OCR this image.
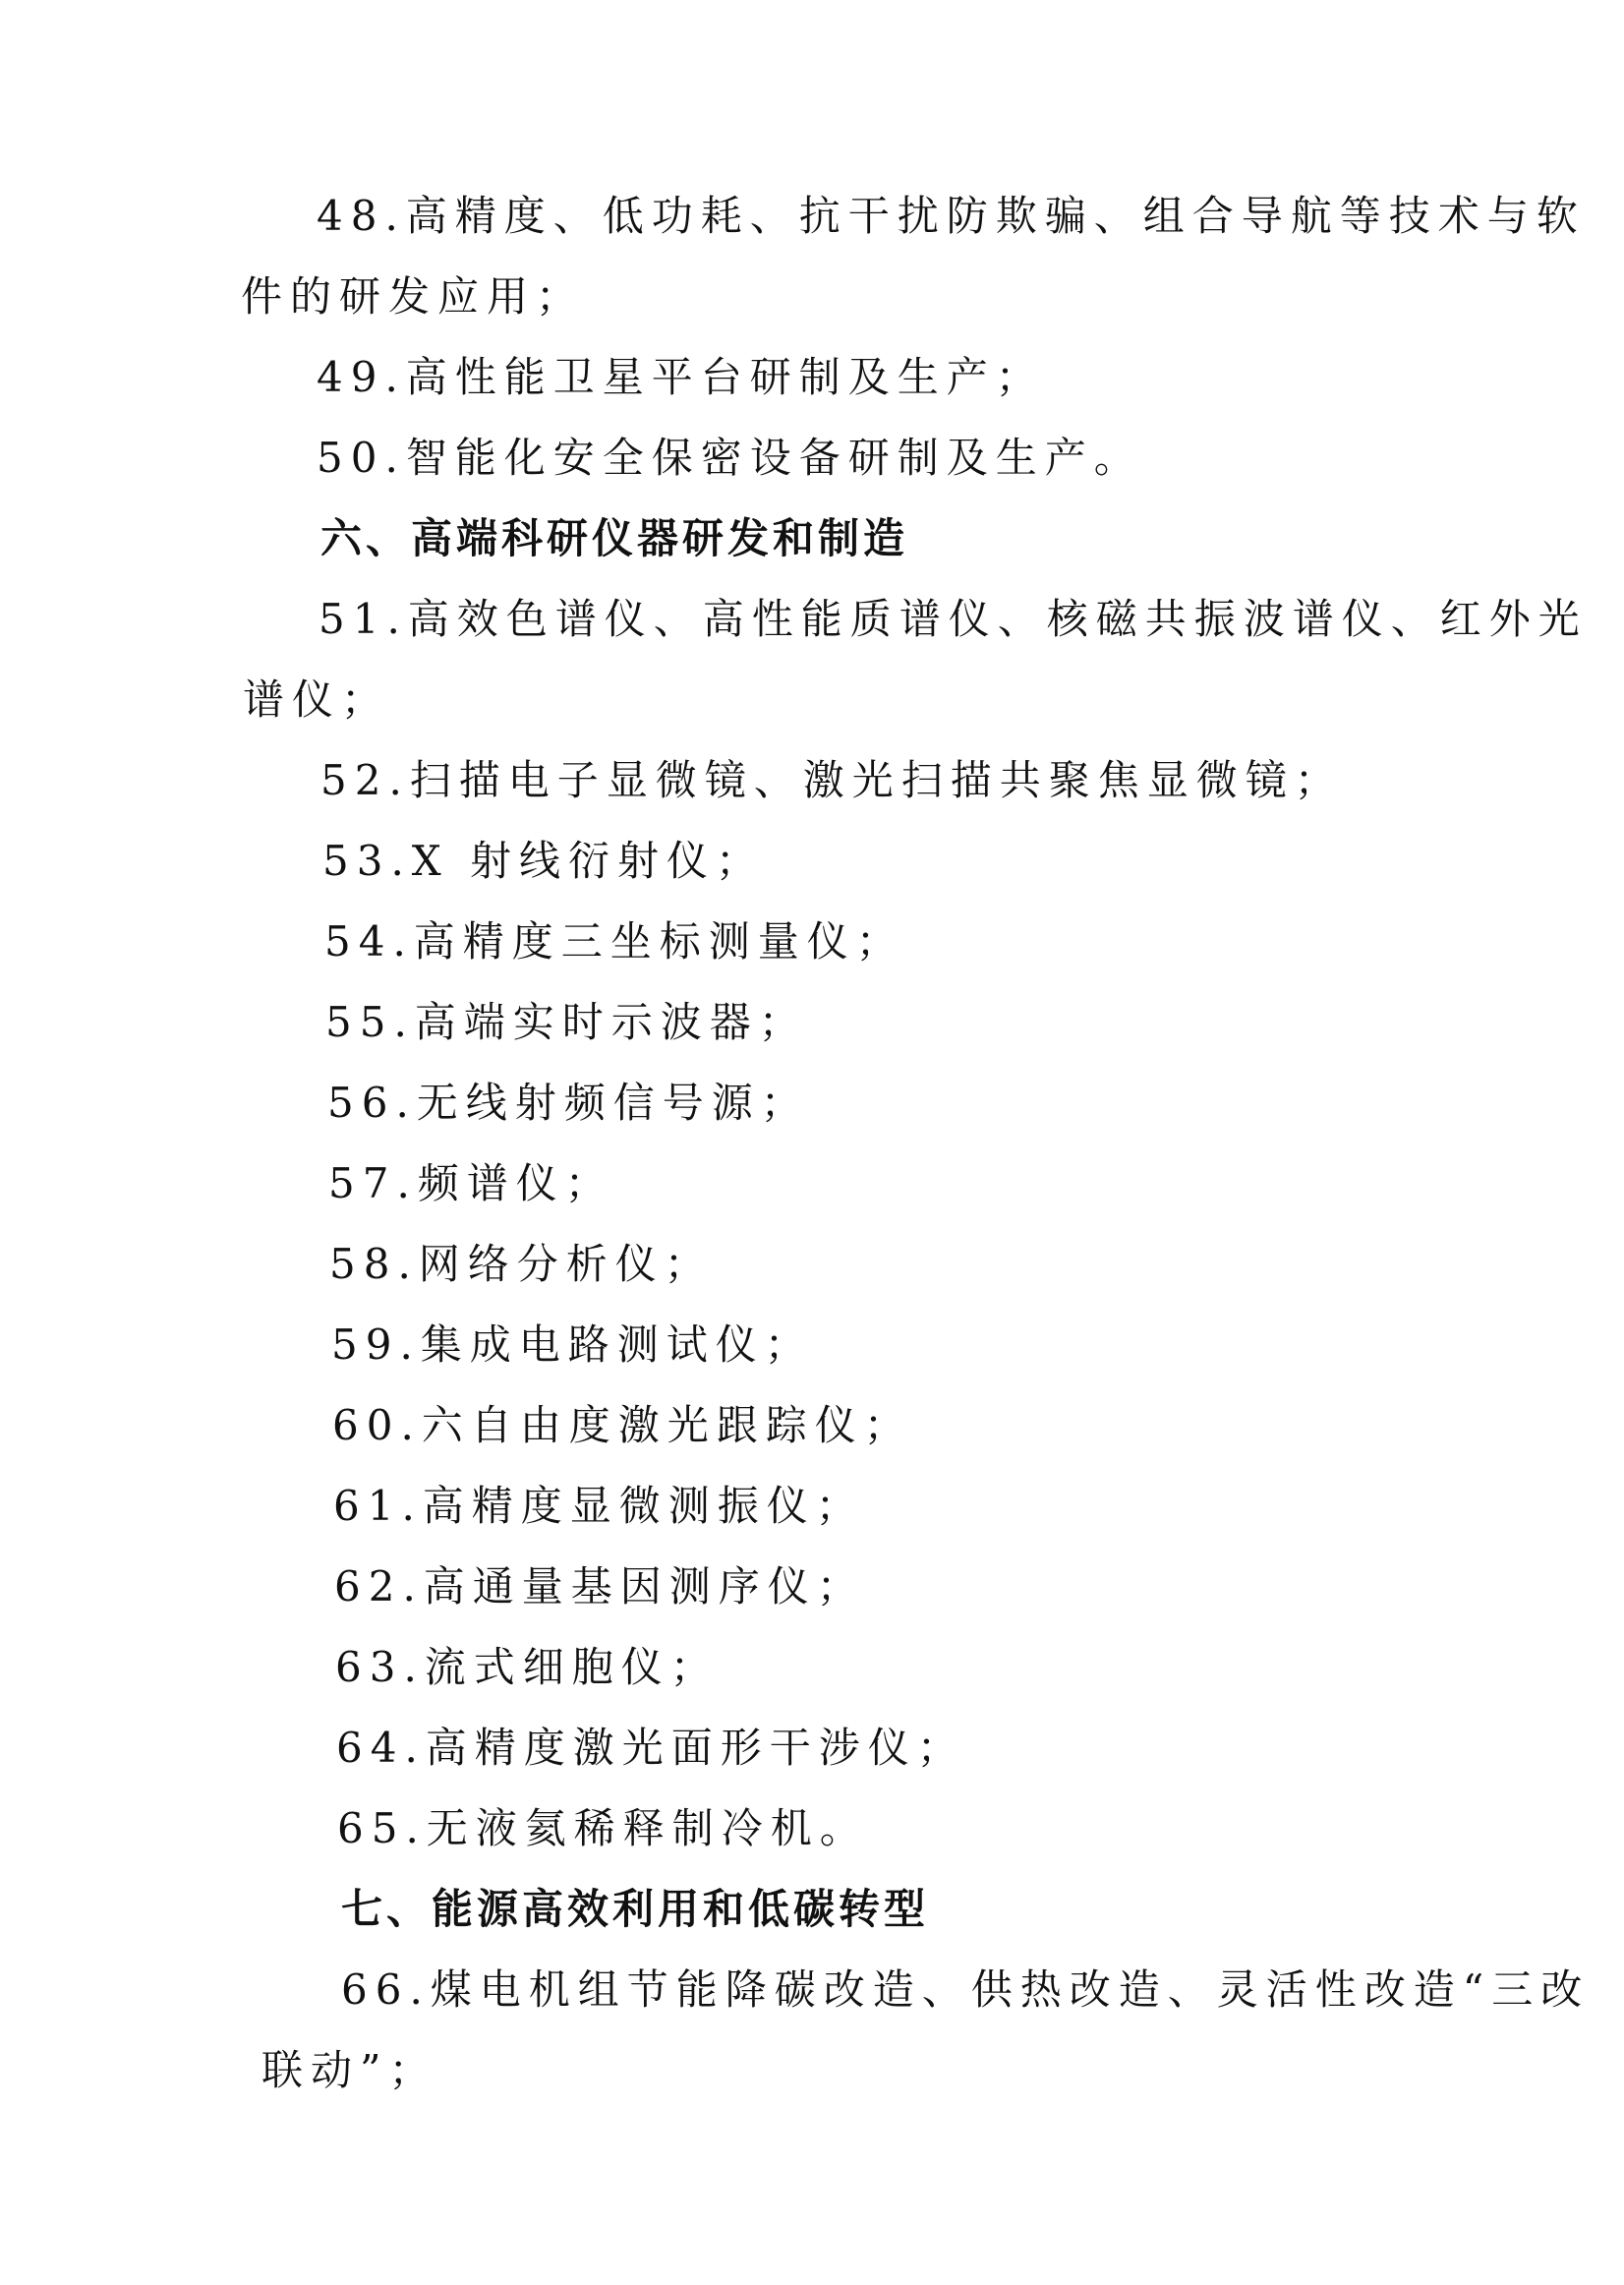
48.高精度、低功耗、抗干扰防欺骗、组合导航等技术与软
件的研发应用；
49.高性能卫星平台研制及生产；
50.智能化安全保密设备研制及生产。
六、高端科研仪器研发和制造
51.高效色谱仪、高性能质谱仪、核磁共振波谱仪、红外光
谱仪；
52.扫描电子显微镜、激光扫描共聚焦显微镜；
53.X 射线衍射仪；
54.高精度三坐标测量仪；
55.高端实时示波器；
56.无线射频信号源；
57.频谱仪；
58.网络分析仪；
59.集成电路测试仪；
60.六自由度激光跟踪仪；
61.高精度显微测振仪；
62.高通量基因测序仪；
63.流式细胞仪；
64.高精度激光面形干涉仪；
65.无液氦稀释制冷机。
七、能源高效利用和低碳转型
66.煤电机组节能降碳改造、供热改造、灵活性改造“三改
联动”；
